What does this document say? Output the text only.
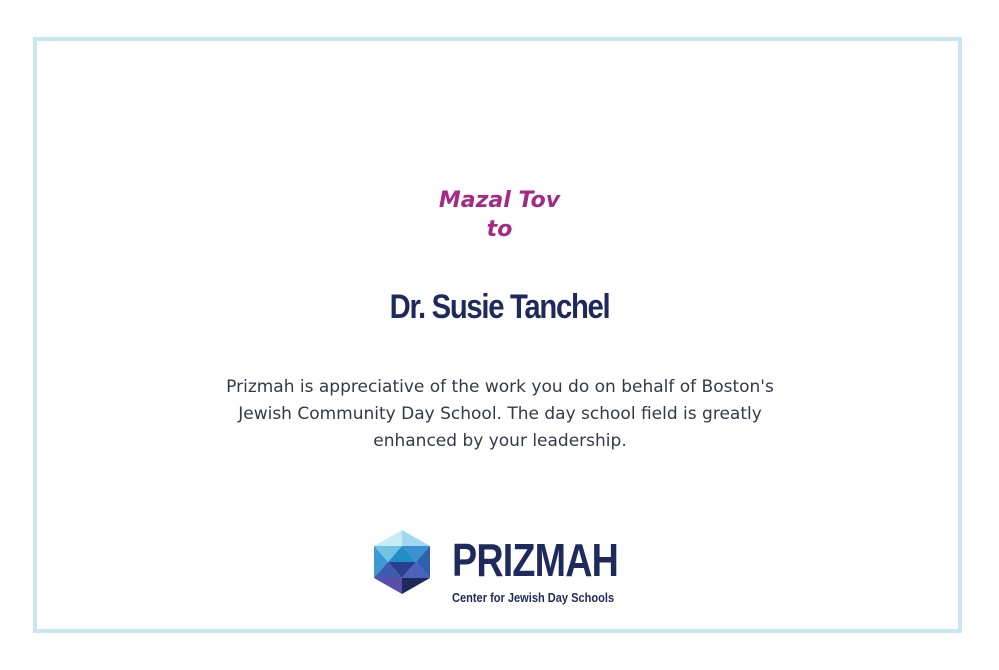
Mazal Tov
to
Dr. Susie Tanchel
Prizmah is appreciative of the work you do on behalf of Boston's Jewish Community Day School. The day school field is greatly enhanced by your leadership.
PRIZMAH
Center for Jewish Day Schools
